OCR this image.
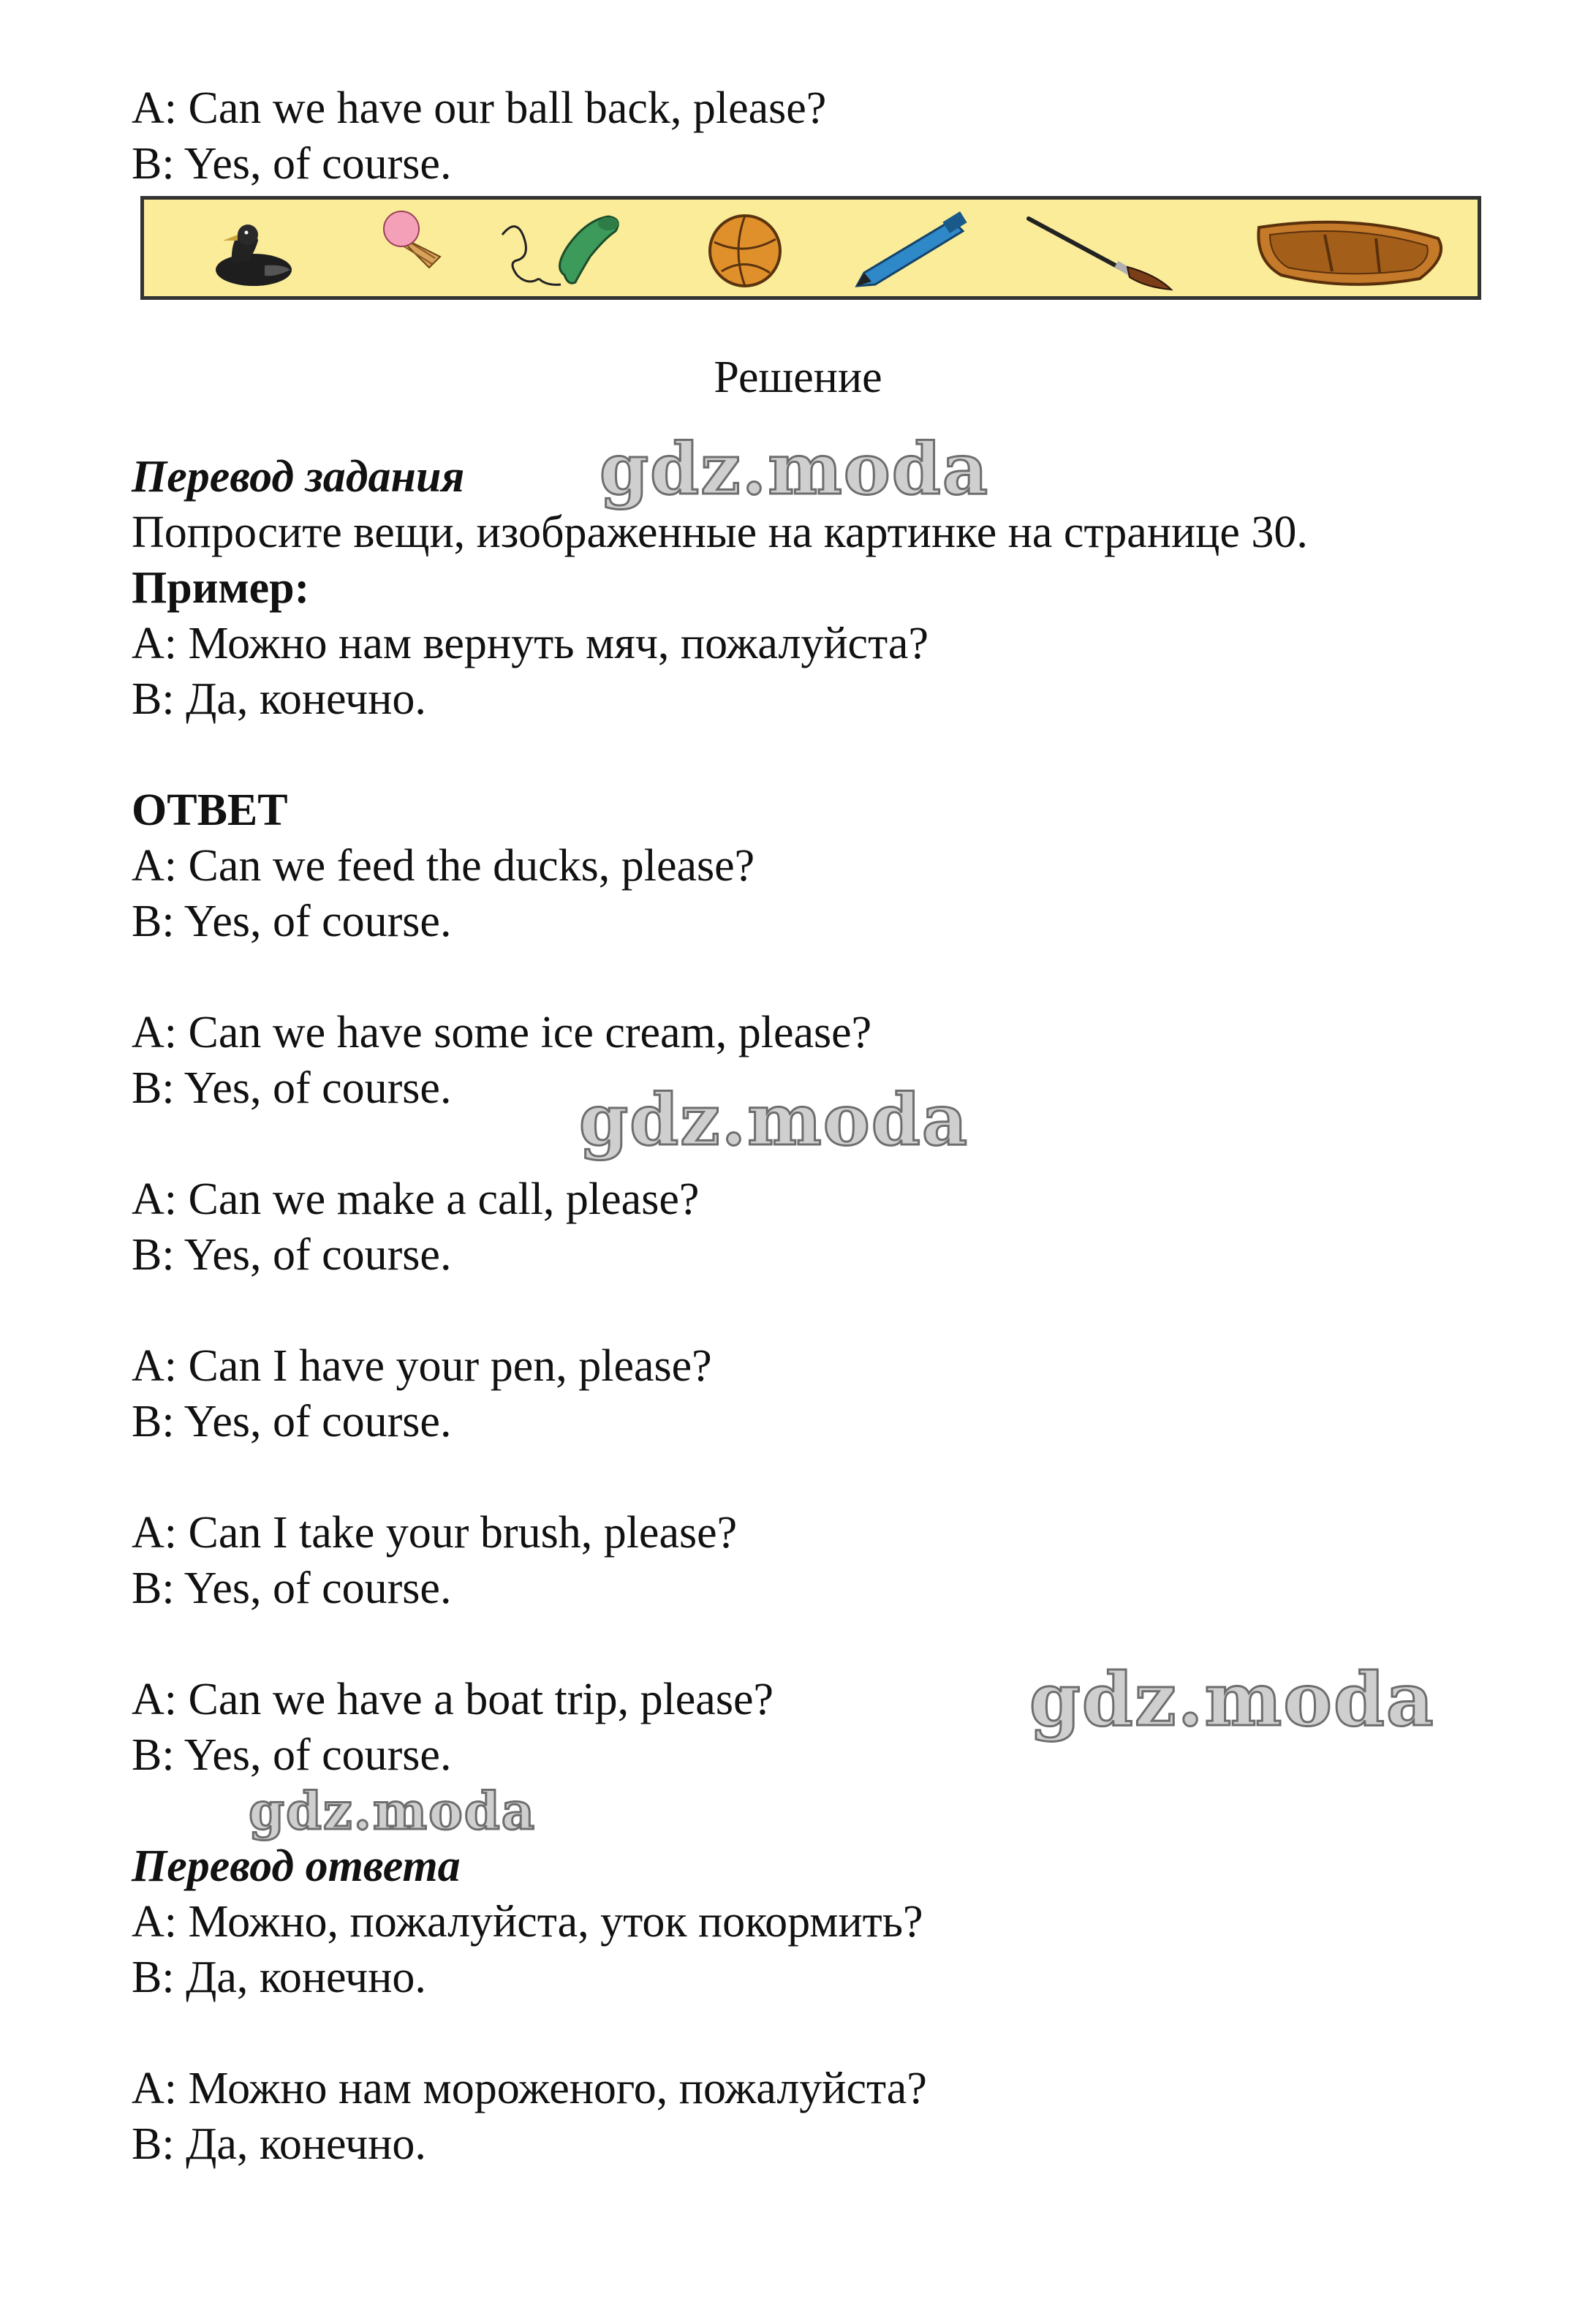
A: Can we have our ball back, please?
B: Yes, of course.
Решение
Перевод задания
Попросите вещи, изображенные на картинке на странице 30.
Пример:
A: Можно нам вернуть мяч, пожалуйста?
B: Да, конечно.
ОТВЕТ
A: Can we feed the ducks, please?
B: Yes, of course.
A: Can we have some ice cream, please?
B: Yes, of course.
A: Can we make a call, please?
B: Yes, of course.
A: Can I have your pen, please?
B: Yes, of course.
A: Can I take your brush, please?
B: Yes, of course.
A: Can we have a boat trip, please?
B: Yes, of course.
Перевод ответа
A: Можно, пожалуйста, уток покормить?
B: Да, конечно.
A: Можно нам мороженого, пожалуйста?
B: Да, конечно.
gdz.moda
gdz.moda
gdz.moda
gdz.moda
